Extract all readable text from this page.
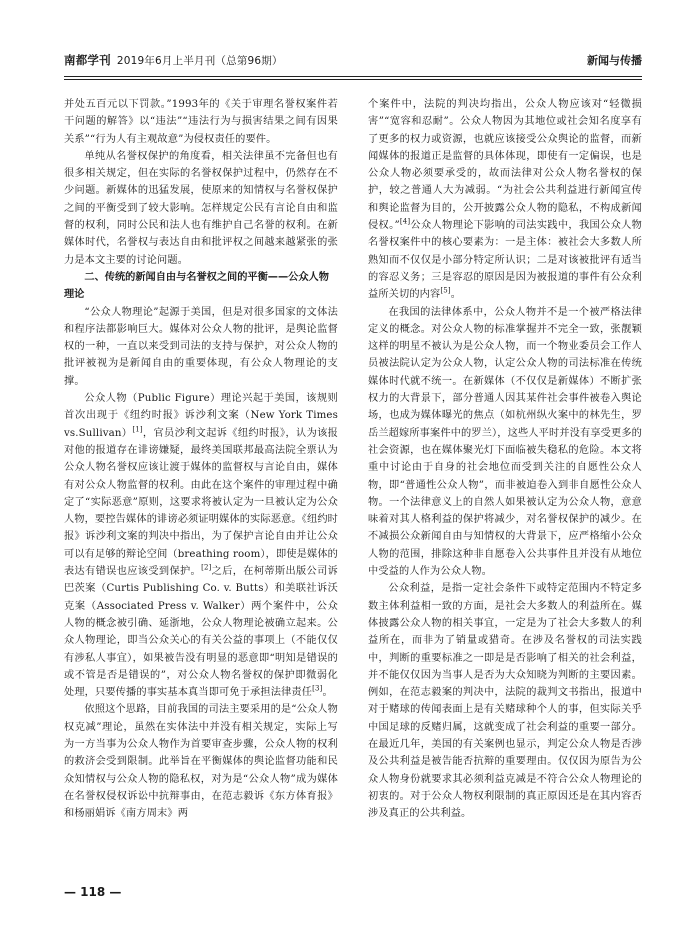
南都学刊 2019年6月上半月刊（总第96期）	新闻与传播

并处五百元以下罚款。”1993年的《关于审理名誉权案件若干问题的解答》以“违法”“违法行为与损害结果之间有因果关系”“行为人有主观故意”为侵权责任的要件。

单纯从名誉权保护的角度看，相关法律虽不完备但也有很多相关规定，但在实际的名誉权保护过程中，仍然存在不少问题。新媒体的迅猛发展，使原来的知情权与名誉权保护之间的平衡受到了较大影响。怎样规定公民有言论自由和监督的权利，同时公民和法人也有维护自己名誉的权利。在新媒体时代，名誉权与表达自由和批评权之间越来越紧张的张力是本文主要的讨论问题。

二、传统的新闻自由与名誉权之间的平衡——公众人物理论

“公众人物理论”起源于美国，但是对很多国家的文体法和程序法都影响巨大。媒体对公众人物的批评，是舆论监督权的一种，一直以来受到司法的支持与保护，对公众人物的批评被视为是新闻自由的重要体现，有公众人物理论的支撑。

公众人物（Public Figure）理论兴起于美国，该规则首次出现于《纽约时报》诉沙利文案（New York Times vs.Sullivan）[1]，官员沙利文起诉《纽约时报》，认为该报对他的报道存在诽谤嫌疑，最终美国联邦最高法院全票认为公众人物名誉权应该让渡于媒体的监督权与言论自由，媒体有对公众人物监督的权利。由此在这个案件的审理过程中确定了“实际恶意”原则，这要求将被认定为一旦被认定为公众人物，要控告媒体的诽谤必须证明媒体的实际恶意。《纽约时报》诉沙利文案的判决中指出，为了保护言论自由并让公众可以有足够的辩论空间（breathing room），即使是媒体的表达有错误也应该受到保护。[2]之后，在柯蒂斯出版公司诉巴茨案（Curtis Publishing Co. v. Butts）和美联社诉沃克案（Associated Press v. Walker）两个案件中，公众人物的概念被引确、延浙地，公众人物理论被确立起来。公众人物理论，即当公众关心的有关公益的事项上（不能仅仅有涉私人事宜），如果被告没有明显的恶意即“明知是错误的或不管是否是错误的”，对公众人物名誉权的保护即微弱化处理，只要传播的事实基本真当即可免于承担法律责任[3]。

依照这个思路，目前我国的司法主要采用的是“公众人物权克减”理论，虽然在实体法中并没有相关规定，实际上写为一方当事为公众人物作为首要审查步骤，公众人物的权利的救济会受到限制。此举旨在平衡媒体的舆论监督功能和民众知情权与公众人物的隐私权，对为是“公众人物”成为媒体在名誉权侵权诉讼中抗辩事由，在范志毅诉《东方体育报》和杨丽娟诉《南方周末》两

个案件中，法院的判决均指出，公众人物应该对“轻微损害”“宽容和忍耐”。公众人物因为其地位或社会知名度享有了更多的权力或资源，也就应该接受公众舆论的监督，而新闻媒体的报道正是监督的具体体现，即使有一定偏误，也是公众人物必须要承受的，故而法律对公众人物名誉权的保护，较之普通人大为减弱。“为社会公共利益进行新闻宣传和舆论监督为目的，公开披露公众人物的隐私，不构成新闻侵权。”[4]公众人物理论下影响的司法实践中，我国公众人物名誉权案件中的核心要素为：一是主体：被社会大多数人所熟知而不仅仅是小部分特定所认识；二是对该被批评有适当的容忍义务；三是容忍的原因是因为被报道的事件有公众利益所关切的内容[5]。

在我国的法律体系中，公众人物并不是一个被严格法律定义的概念。对公众人物的标准掌握并不完全一致，张靓颖这样的明星不被认为是公众人物，而一个物业委员会工作人员被法院认定为公众人物，认定公众人物的司法标准在传统媒体时代就不统一。在新媒体（不仅仅是新媒体）不断扩张权力的大背景下，部分普通人因其某件社会事件被卷入舆论场，也成为媒体曝光的焦点（如杭州纵火案中的林先生，罗岳兰超嫁所事案件中的罗兰），这些人平时并没有享受更多的社会资源，也在媒体聚光灯下面临被失稳私的危险。本文将重中讨论由于自身的社会地位而受到关注的自愿性公众人物，即“普通性公众人物”，而非被迫卷入到非自愿性公众人物。一个法律意义上的自然人如果被认定为公众人物，意意味着对其人格利益的保护将减少，对名誉权保护的减少。在不减损公众新闻自由与知情权的大背景下，应严格缩小公众人物的范围，排除这种非自愿卷入公共事件且并没有从地位中受益的人作为公众人物。

公众利益，是指一定社会条件下或特定范围内不特定多数主体利益相一致的方面，是社会大多数人的利益所在。媒体披露公众人物的相关事宜，一定是为了社会大多数人的利益所在，而非为了销量或猎奇。在涉及名誉权的司法实践中，判断的重要标准之一即是是否影响了相关的社会利益，并不能仅仅因为当事人是否为大众知晓为判断的主要因素。例如，在范志毅案的判决中，法院的裁判文书指出，报道中对于赌球的传闻表面上是有关赌球种个人的事，但实际关乎中国足球的反赌归属，这就变成了社会利益的重要一部分。在最近几年，美国的有关案例也显示，判定公众人物是否涉及公共利益是被告能否抗辩的重要理由。仅仅因为原告为公众人物身份就要求其必须利益克减是不符合公众人物理论的初衷的。对于公众人物权利限制的真正原因还是在其内容否涉及真正的公共利益。

— 118 —
